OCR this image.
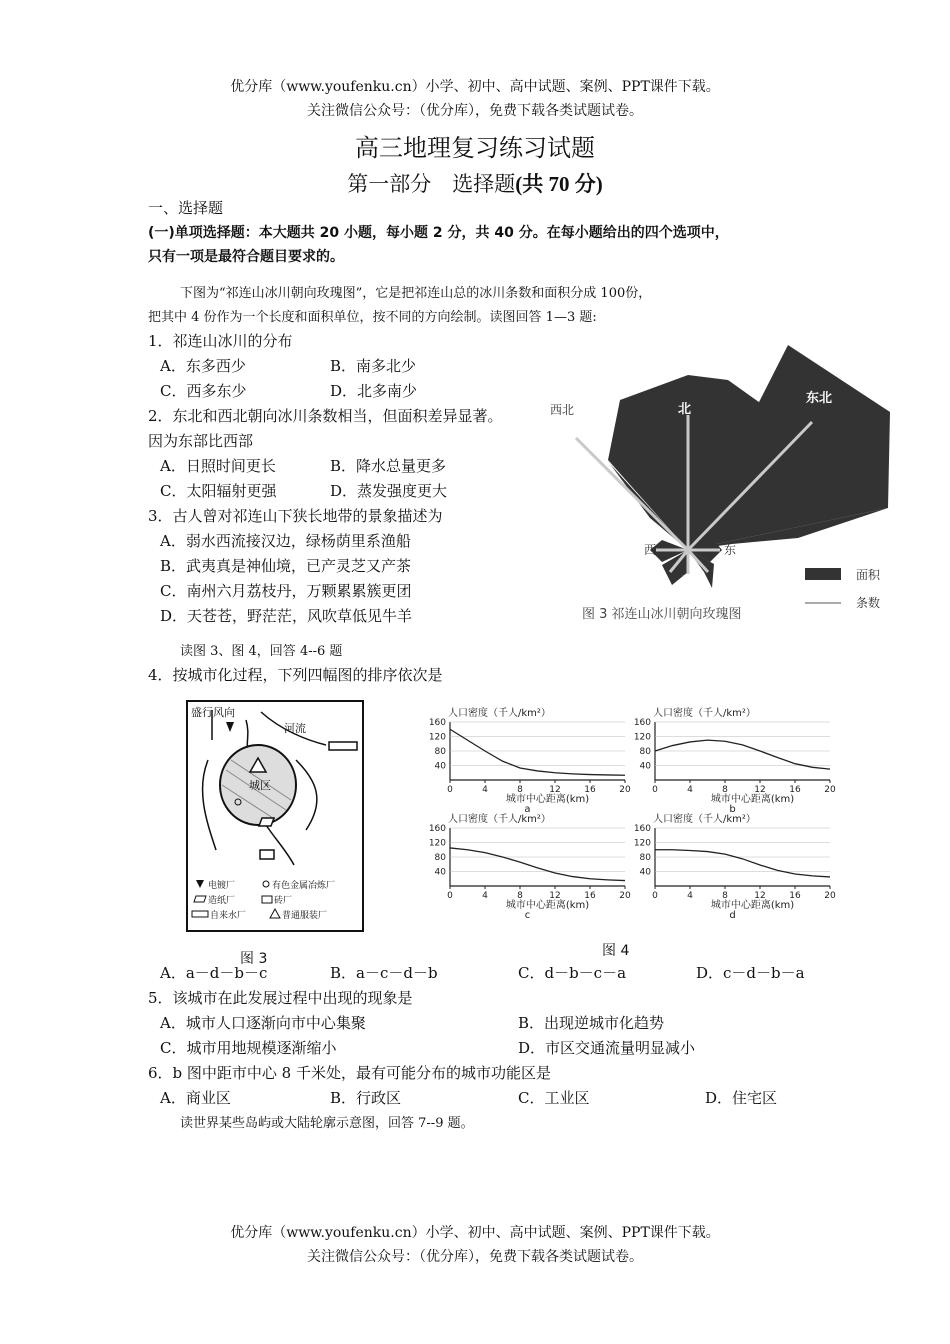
优分库（www.youfenku.cn）小学、初中、高中试题、案例、PPT课件下载。
关注微信公众号：（优分库），免费下载各类试题试卷。
高三地理复习练习试题
第一部分　选择题(共 70 分)
一、选择题
(一)单项选择题：本大题共 20 小题，每小题 2 分，共 40 分。在每小题给出的四个选项中，
只有一项是最符合题目要求的。
下图为“祁连山冰川朝向玫瑰图”，它是把祁连山总的冰川条数和面积分成 100份，
把其中 4 份作为一个长度和面积单位，按不同的方向绘制。读图回答 1—3 题:
1．祁连山冰川的分布
A．东多西少	B．南多北少
C．西多东少	D．北多南少
2．东北和西北朝向冰川条数相当，但面积差异显著。
因为东部比西部
A．日照时间更长	B．降水总量更多
C．太阳辐射更强	D．蒸发强度更大
3．古人曾对祁连山下狭长地带的景象描述为
A．弱水西流接汉边，绿杨荫里系渔船
B．武夷真是神仙境，已产灵芝又产茶
C．南州六月荔枝丹，万颗累累簇更团
D．天苍苍，野茫茫，风吹草低见牛羊
北
东北
西北
西	东
南	面积
条数
图 3 祁连山冰川朝向玫瑰图
读图 3、图 4，回答 4--6 题
4．按城市化过程，下列四幅图的排序依次是
盛行风向
河流
城区
电镀厂	有色金属冶炼厂
造纸厂	砖厂
自来水厂	普通服装厂
图 3
人口密度（千人/km²）
40
80
120
160
0	4	8	12	16	20
城市中心距离(km)
a
人口密度（千人/km²）
40
80
120
160
0	4	8	12	16	20
城市中心距离(km)
b
人口密度（千人/km²）
40
80
120
160
0	4	8	12	16	20
城市中心距离(km)
c
人口密度（千人/km²）
40
80
120
160
0	4	8	12	16	20
城市中心距离(km)
d
图 4
A．a－d－b－c	B．a－c－d－b	C．d－b－c－a	D．c－d－b－a
5．该城市在此发展过程中出现的现象是
A．城市人口逐渐向市中心集聚	B．出现逆城市化趋势
C．城市用地规模逐渐缩小	D．市区交通流量明显减小
6．b 图中距市中心 8 千米处，最有可能分布的城市功能区是
A．商业区	B．行政区	C．工业区	D．住宅区
读世界某些岛屿或大陆轮廓示意图，回答 7--9 题。
优分库（www.youfenku.cn）小学、初中、高中试题、案例、PPT课件下载。
关注微信公众号：（优分库），免费下载各类试题试卷。
